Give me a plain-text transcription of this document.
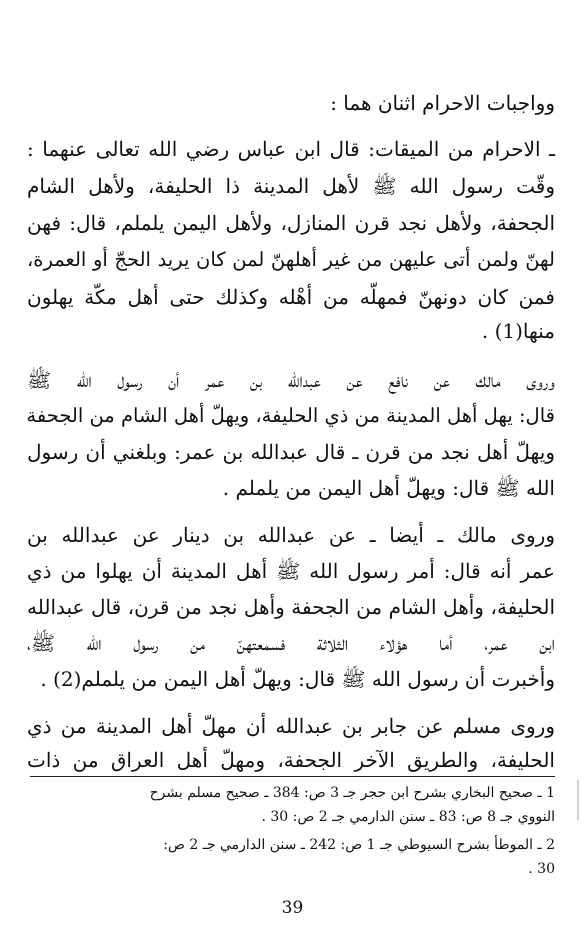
وواجبات الاحرام اثنان هما :
ـ الاحرام من الميقات: قال ابن عباس رضي الله تعالى عنهما :
وقّت رسول الله ﷺ لأهل المدينة ذا الحليفة، ولأهل الشام
الجحفة، ولأهل نجد قرن المنازل، ولأهل اليمن يلملم، قال: فهن
لهنّ ولمن أتى عليهن من غير أهلهنّ لمن كان يريد الحجّ أو العمرة،
فمن كان دونهنّ فمهلّه من أهْله وكذلك حتى أهل مكّة يهلون
منها(1) .
وروى مالك عن نافع عن عبدالله بن عمر أن رسول الله ﷺ
قال: يهل أهل المدينة من ذي الحليفة، ويهلّ أهل الشام من الجحفة
ويهلّ أهل نجد من قرن ـ قال عبدالله بن عمر: وبلغني أن رسول
الله ﷺ قال: ويهلّ أهل اليمن من يلملم .
وروى مالك ـ أيضا ـ عن عبدالله بن دينار عن عبدالله بن
عمر أنه قال: أمر رسول الله ﷺ أهل المدينة أن يهلوا من ذي
الحليفة، وأهل الشام من الجحفة وأهل نجد من قرن، قال عبدالله
ابن عمر، أما هؤلاء الثلاثة فسمعتهنّ من رسول الله ﷺ،
وأخبرت أن رسول الله ﷺ قال: ويهلّ أهل اليمن من يلملم(2) .
وروى مسلم عن جابر بن عبدالله أن مهلّ أهل المدينة من ذي
الحليفة، والطريق الآخر الجحفة، ومهلّ أهل العراق من ذات
1 ـ صحيح البخاري بشرح ابن حجر جـ 3 ص: 384 ـ صحيح مسلم بشرح
النووي جـ 8 ص: 83 ـ سنن الدارمي جـ 2 ص: 30 .
2 ـ الموطأ بشرح السيوطي جـ 1 ص: 242 ـ سنن الدارمي جـ 2 ص:
30 .
39
